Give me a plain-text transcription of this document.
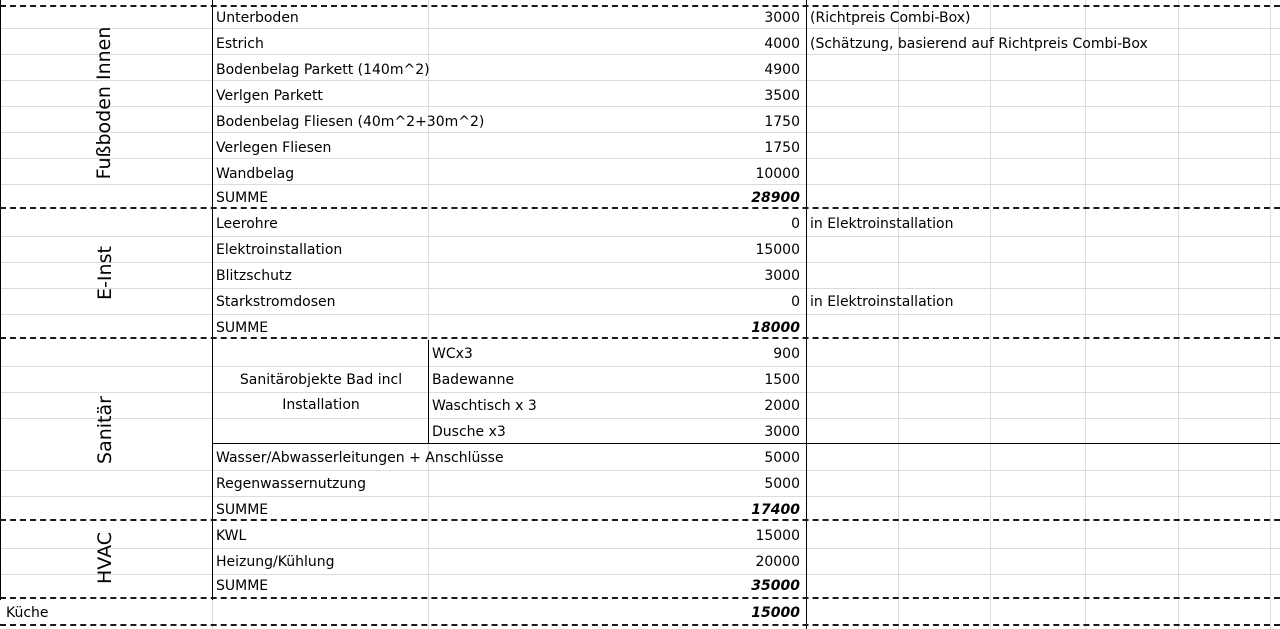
Fußboden Innen
Unterboden	3000 (Richtpreis Combi-Box)
Estrich	4000 (Schätzung, basierend auf Richtpreis Combi-Box
Bodenbelag Parkett (140m^2)	4900
Verlgen Parkett	3500
Bodenbelag Fliesen (40m^2+30m^2)	1750
Verlegen Fliesen	1750
Wandbelag	10000
SUMME	28900
E-Inst
Leerohre	0 in Elektroinstallation
Elektroinstallation	15000
Blitzschutz	3000
Starkstromdosen	0 in Elektroinstallation
SUMME	18000
Sanitär
Sanitärobjekte Bad incl
Installation
WCx3	900
Badewanne	1500
Waschtisch x 3	2000
Dusche x3	3000
Wasser/Abwasserleitungen + Anschlüsse	5000
Regenwassernutzung	5000
SUMME	17400
HVAC	KWL	15000
Heizung/Kühlung	20000
SUMME	35000
Küche	15000
